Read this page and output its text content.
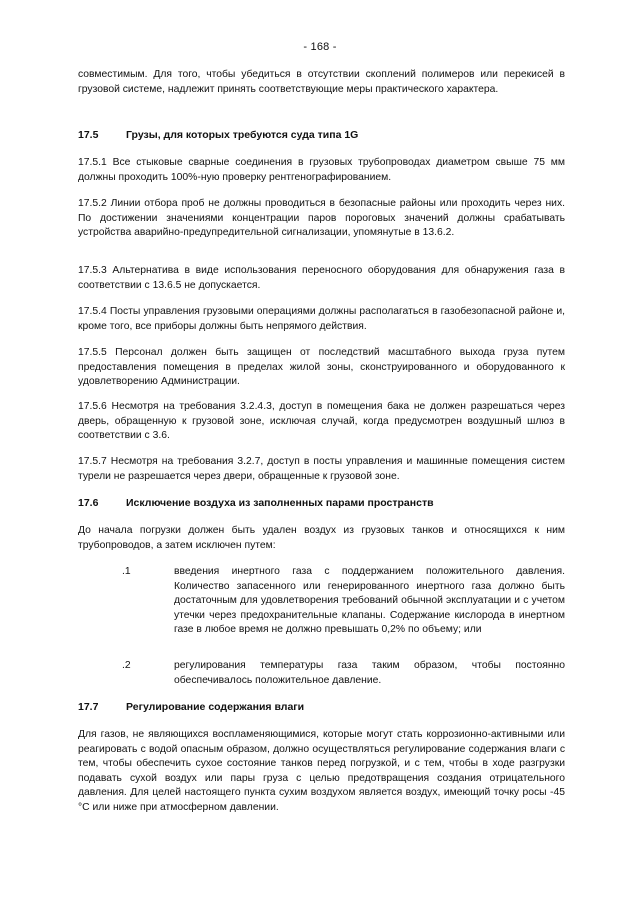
- 168 -

совместимым. Для того, чтобы убедиться в отсутствии скоплений полимеров или перекисей в грузовой системе, надлежит принять соответствующие меры практического характера.

17.5	Грузы, для которых требуются суда типа 1G

17.5.1 Все стыковые сварные соединения в грузовых трубопроводах диаметром свыше 75 мм должны проходить 100%-ную проверку рентгенографированием.

17.5.2 Линии отбора проб не должны проводиться в безопасные районы или проходить через них. По достижении значениями концентрации паров пороговых значений должны срабатывать устройства аварийно-предупредительной сигнализации, упомянутые в 13.6.2.

17.5.3 Альтернатива в виде использования переносного оборудования для обнаружения газа в соответствии с 13.6.5 не допускается.

17.5.4 Посты управления грузовыми операциями должны располагаться в газобезопасной районе и, кроме того, все приборы должны быть непрямого действия.

17.5.5 Персонал должен быть защищен от последствий масштабного выхода груза путем предоставления помещения в пределах жилой зоны, сконструированного и оборудованного к удовлетворению Администрации.

17.5.6 Несмотря на требования 3.2.4.3, доступ в помещения бака не должен разрешаться через дверь, обращенную к грузовой зоне, исключая случай, когда предусмотрен воздушный шлюз в соответствии с 3.6.

17.5.7 Несмотря на требования 3.2.7, доступ в посты управления и машинные помещения систем турели не разрешается через двери, обращенные к грузовой зоне.

17.6	Исключение воздуха из заполненных парами пространств

До начала погрузки должен быть удален воздух из грузовых танков и относящихся к ним трубопроводов, а затем исключен путем:

.1	введения инертного газа с поддержанием положительного давления. Количество запасенного или генерированного инертного газа должно быть достаточным для удовлетворения требований обычной эксплуатации и с учетом утечки через предохранительные клапаны. Содержание кислорода в инертном газе в любое время не должно превышать 0,2% по объему; или

.2	регулирования температуры газа таким образом, чтобы постоянно обеспечивалось положительное давление.

17.7	Регулирование содержания влаги

Для газов, не являющихся воспламеняющимися, которые могут стать коррозионно-активными или реагировать с водой опасным образом, должно осуществляться регулирование содержания влаги с тем, чтобы обеспечить сухое состояние танков перед погрузкой, и с тем, чтобы в ходе разгрузки подавать сухой воздух или пары груза с целью предотвращения создания отрицательного давления. Для целей настоящего пункта сухим воздухом является воздух, имеющий точку росы -45 °С или ниже при атмосферном давлении.
